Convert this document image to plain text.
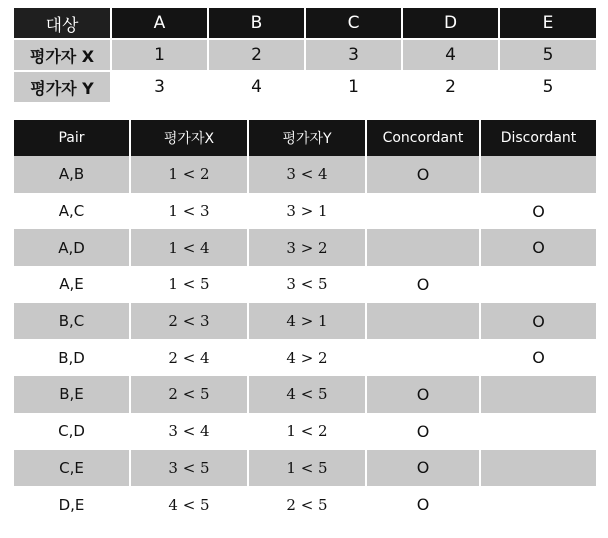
대상	A	B	C	D	E
평가자 X	1	2	3	4	5
평가자 Y	3	4	1	2	5
Pair	평가자X	평가자Y	Concordant	Discordant
A,B	1 < 2	3 < 4	O	
A,C	1 < 3	3 > 1		O
A,D	1 < 4	3 > 2		O
A,E	1 < 5	3 < 5	O	
B,C	2 < 3	4 > 1		O
B,D	2 < 4	4 > 2		O
B,E	2 < 5	4 < 5	O	
C,D	3 < 4	1 < 2	O	
C,E	3 < 5	1 < 5	O	
D,E	4 < 5	2 < 5	O	
